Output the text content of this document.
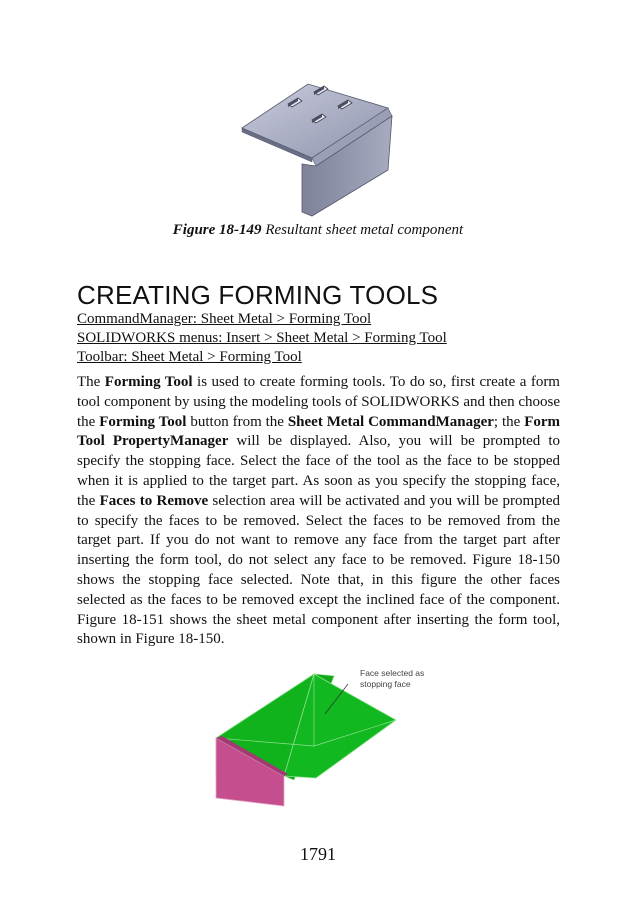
Figure 18-149 Resultant sheet metal component
CREATING FORMING TOOLS
CommandManager: Sheet Metal > Forming Tool
SOLIDWORKS menus: Insert > Sheet Metal > Forming Tool
Toolbar: Sheet Metal > Forming Tool

The Forming Tool is used to create forming tools. To do so, first create a form tool component by using the modeling tools of SOLIDWORKS and then choose the Forming Tool button from the Sheet Metal CommandManager; the Form Tool PropertyManager will be displayed. Also, you will be prompted to specify the stopping face. Select the face of the tool as the face to be stopped when it is applied to the target part. As soon as you specify the stopping face, the Faces to Remove selection area will be activated and you will be prompted to specify the faces to be removed. Select the faces to be removed from the target part. If you do not want to remove any face from the target part after inserting the form tool, do not select any face to be removed. Figure 18-150 shows the stopping face selected. Note that, in this figure the other faces selected as the faces to be removed except the inclined face of the component. Figure 18-151 shows the sheet metal component after inserting the form tool, shown in Figure 18-150.

Face selected as
stopping face
1791
